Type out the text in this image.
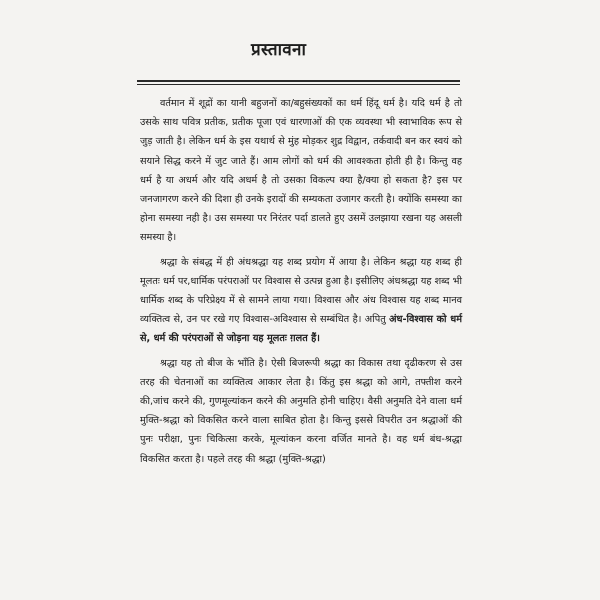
प्रस्तावना

वर्तमान में शूद्रों का यानी बहुजनों का/बहुसंख्यकों का धर्म हिंदू धर्म है। यदि धर्म है तो उसके साथ पवित्र प्रतीक, प्रतीक पूजा एवं धारणाओं की एक व्यवस्था भी स्वाभाविक रूप से जुड़ जाती है। लेकिन धर्म के इस यथार्थ से मुंह मोड़कर शुद्र विद्वान, तर्कवादी बन कर स्वयं को सयाने सिद्ध करने में जुट जाते हैं। आम लोगों को धर्म की आवश्कता होती ही है। किन्तु वह धर्म है या अधर्म और यदि अधर्म है तो उसका विकल्प क्या है/क्या हो सकता है? इस पर जनजागरण करने की दिशा ही उनके इरादों की सम्यकता उजागर करती है। क्योंकि समस्या का होना समस्या नही है। उस समस्या पर निरंतर पर्दा डालते हुए उसमें उलझाया रखना यह असली समस्या है।

श्रद्धा के संबद्ध में ही अंधश्रद्धा यह शब्द प्रयोग में आया है। लेकिन श्रद्धा यह शब्द ही मूलतः धर्म पर,धार्मिक परंपराओं पर विश्वास से उत्पन्न हुआ है। इसीलिए अंधश्रद्धा यह शब्द भी धार्मिक शब्द के परिप्रेक्ष्य में से सामने लाया गया। विश्वास और अंध विश्वास यह शब्द मानव व्यक्तित्व से, उन पर रखे गए विश्वास-अविश्वास से सम्बंधित है। अपितु अंध-विश्वास को धर्म से, धर्म की परंपराओं से जोड़ना यह मूलतः ग़लत हैं।

श्रद्धा यह तो बीज के भाँति है। ऐसी बिजरूपी श्रद्धा का विकास तथा दृढीकरण से उस तरह की चेतनाओं का व्यक्तित्व आकार लेता है। किंतु इस श्रद्धा को आगे, तफ्तीश करने की,जांच करने की, गुणमूल्यांकन करने की अनुमति होनी चाहिए। वैसी अनुमति देने वाला धर्म मुक्ति-श्रद्धा को विकसित करने वाला साबित होता है। किन्तु इससे विपरीत उन श्रद्धाओं की पुनः परीक्षा, पुनः चिकित्सा करके, मूल्यांकन करना वर्जित मानते है। वह धर्म बंध-श्रद्धा विकसित करता है। पहले तरह की श्रद्धा (मुक्ति-श्रद्धा)
